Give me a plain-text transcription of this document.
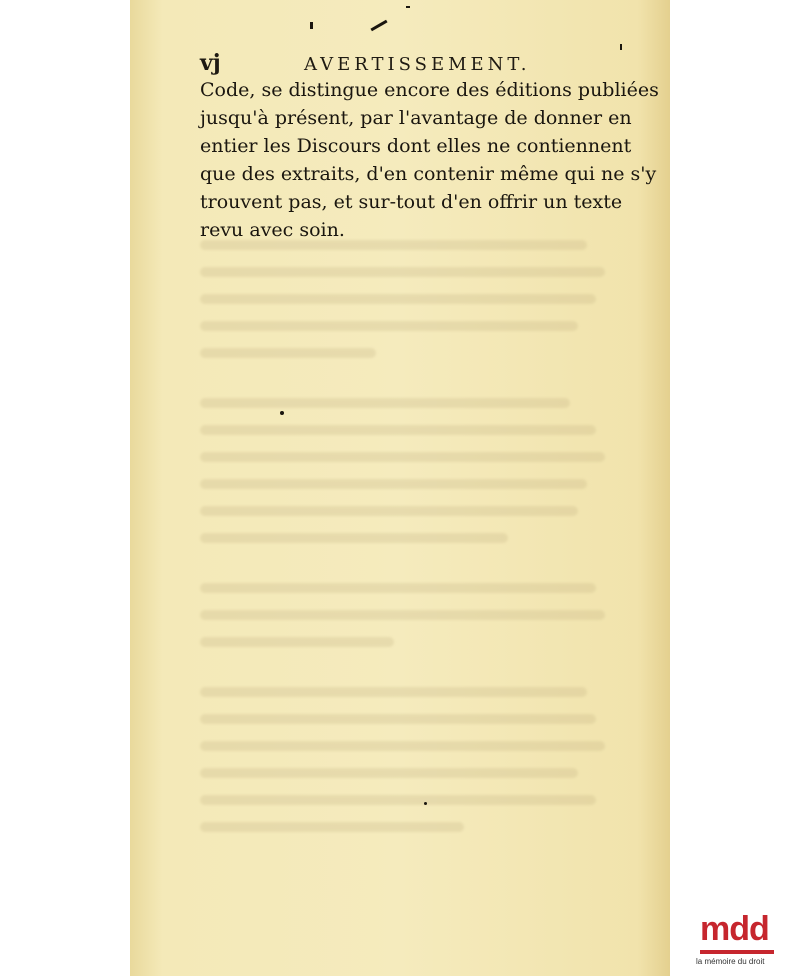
vj	AVERTISSEMENT.
Code, se distingue encore des éditions publiées
jusqu'à présent, par l'avantage de donner en
entier les Discours dont elles ne contiennent
que des extraits, d'en contenir même qui ne s'y
trouvent pas, et sur-tout d'en offrir un texte
revu avec soin.
mdd
la mémoire du droit
